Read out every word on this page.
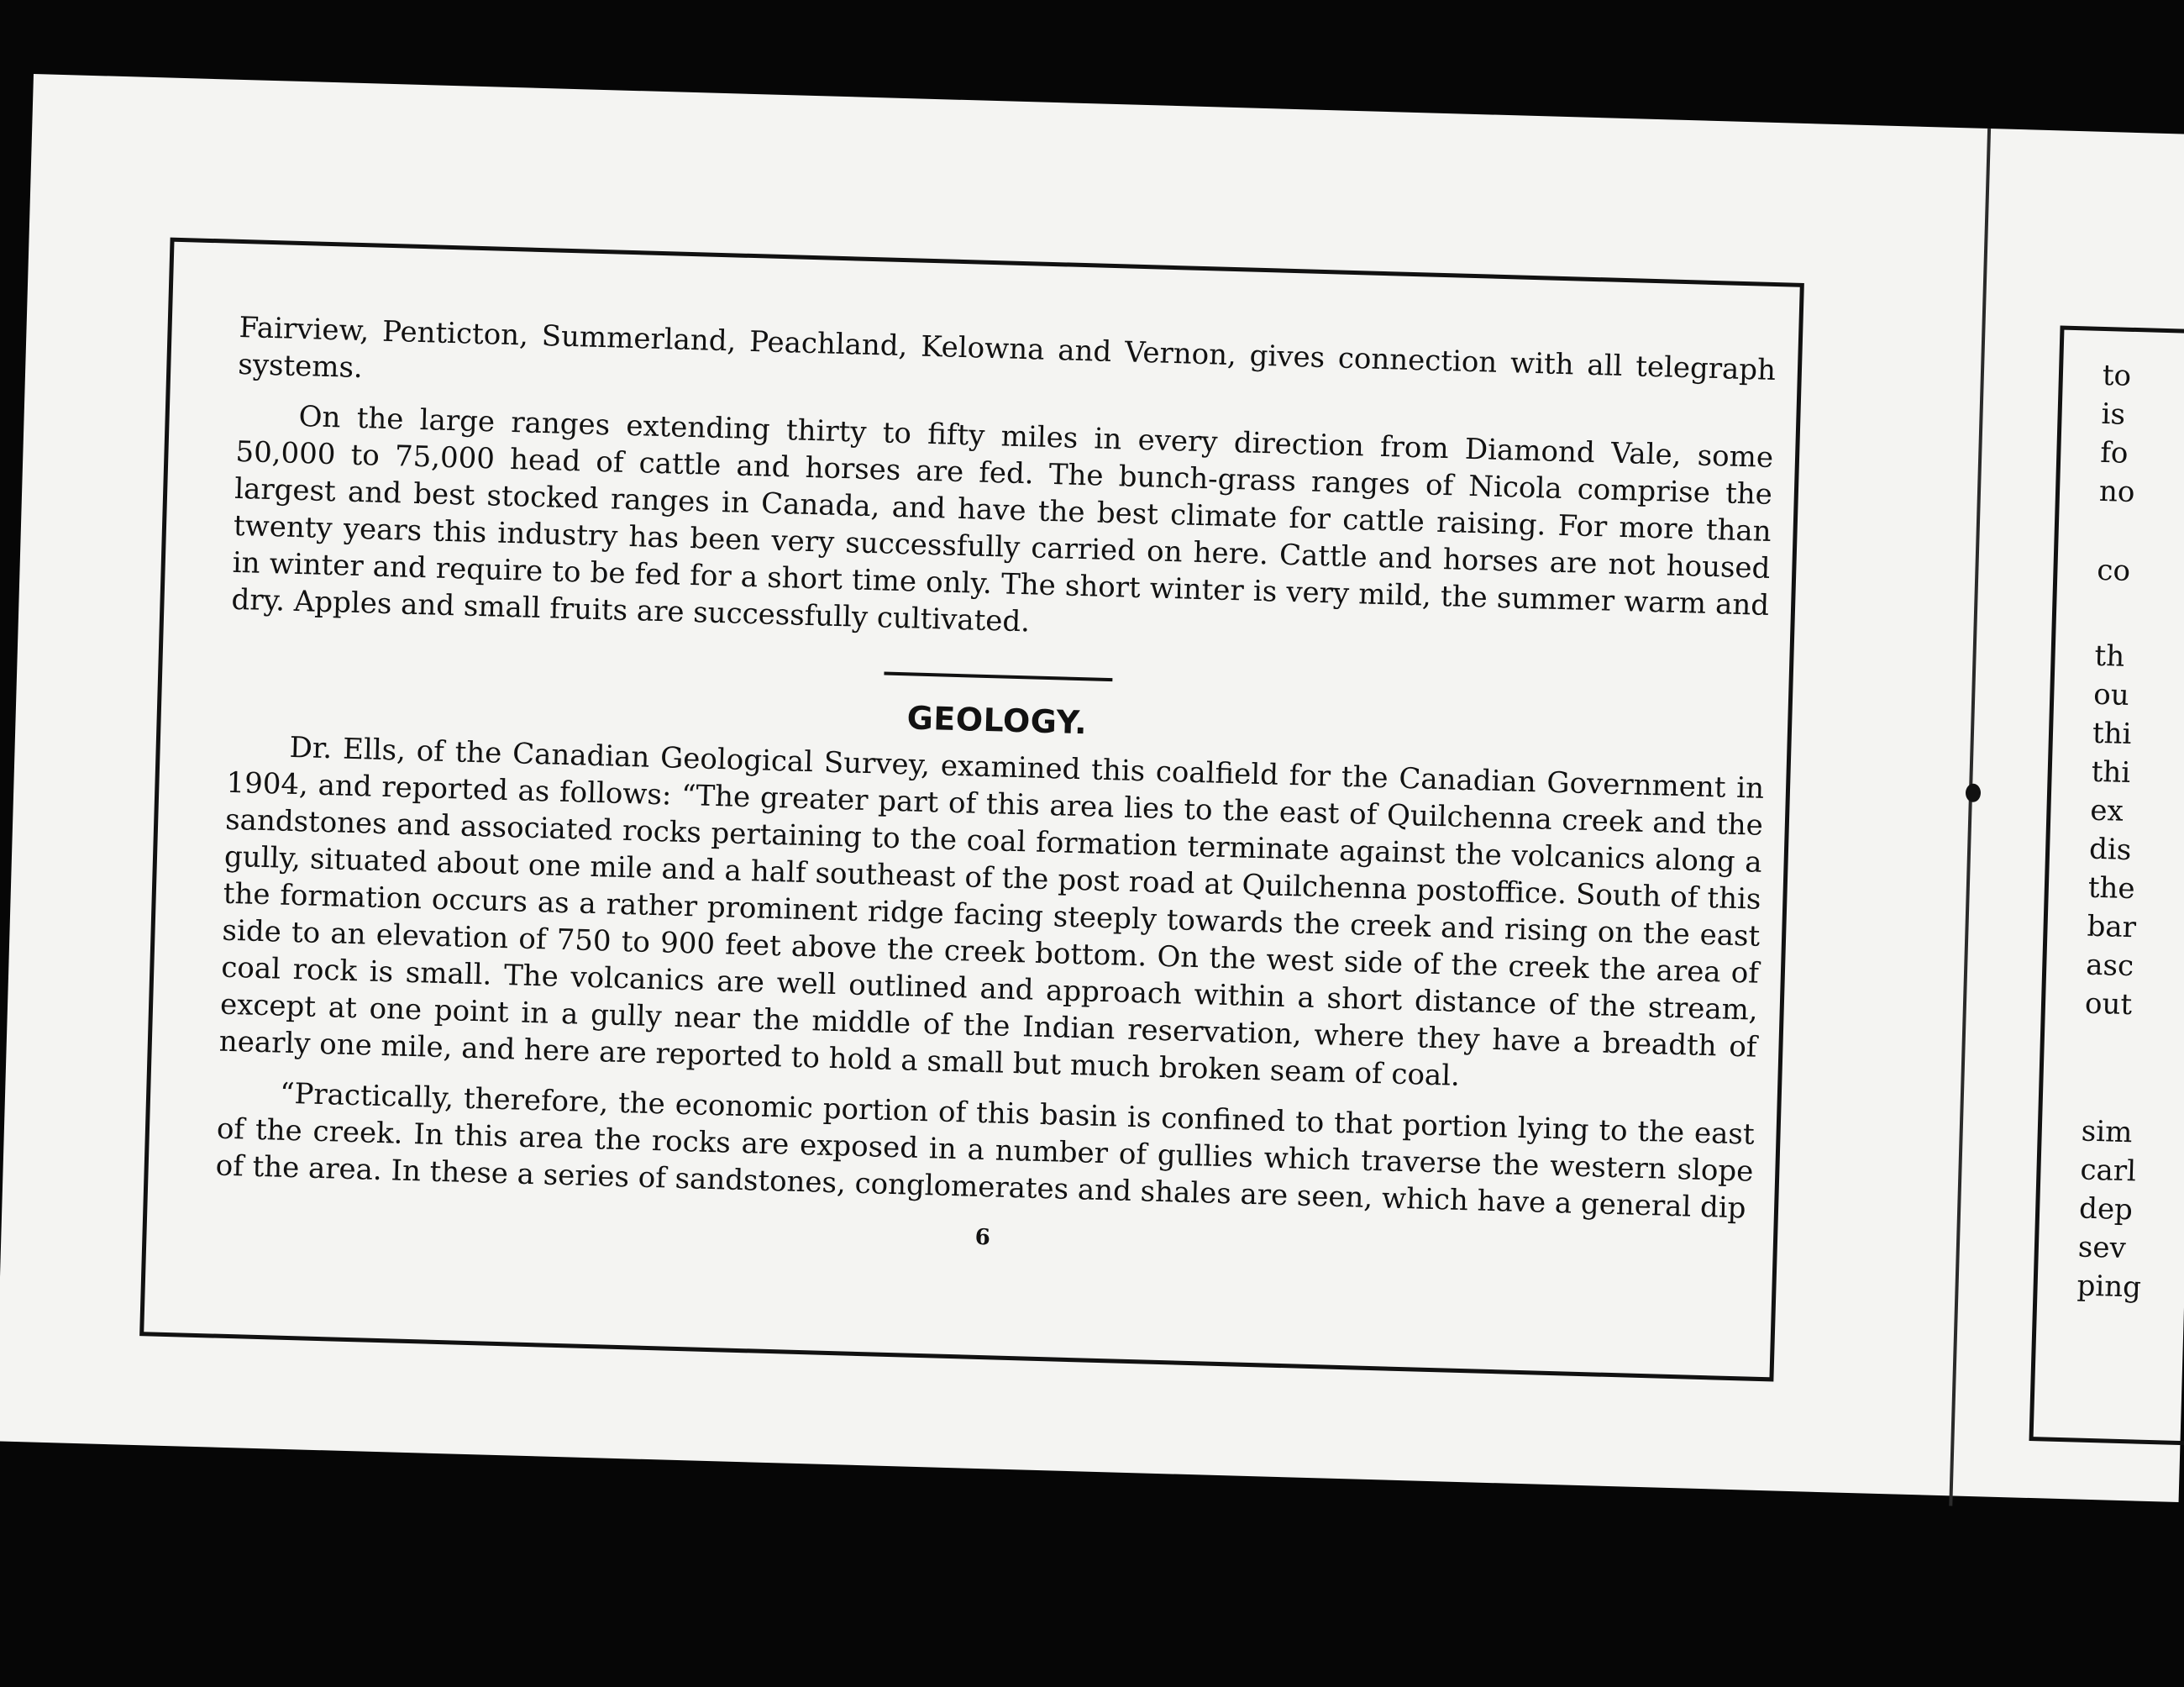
Fairview, Penticton, Summerland, Peachland, Kelowna and Vernon, gives connection with all telegraph systems.

On the large ranges extending thirty to fifty miles in every direction from Diamond Vale, some 50,000 to 75,000 head of cattle and horses are fed. The bunch-grass ranges of Nicola comprise the largest and best stocked ranges in Canada, and have the best climate for cattle raising. For more than twenty years this industry has been very successfully carried on here. Cattle and horses are not housed in winter and require to be fed for a short time only. The short winter is very mild, the summer warm and dry. Apples and small fruits are successfully cultivated.

GEOLOGY.

Dr. Ells, of the Canadian Geological Survey, examined this coalfield for the Canadian Government in 1904, and reported as follows: “The greater part of this area lies to the east of Quilchenna creek and the sandstones and associated rocks pertaining to the coal formation terminate against the volcanics along a gully, situated about one mile and a half southeast of the post road at Quilchenna postoffice. South of this the formation occurs as a rather prominent ridge facing steeply towards the creek and rising on the east side to an elevation of 750 to 900 feet above the creek bottom. On the west side of the creek the area of coal rock is small. The volcanics are well outlined and approach within a short distance of the stream, except at one point in a gully near the middle of the Indian reservation, where they have a breadth of nearly one mile, and here are reported to hold a small but much broken seam of coal.

“Practically, therefore, the economic portion of this basin is confined to that portion lying to the east of the creek. In this area the rocks are exposed in a number of gullies which traverse the western slope of the area. In these a series of sandstones, conglomerates and shales are seen, which have a general dip

6
to
is
fo
no
co
th
ou
thi
thi
ex
dis
the
bar
asc
out
sim
carl
dep
sev
ping
